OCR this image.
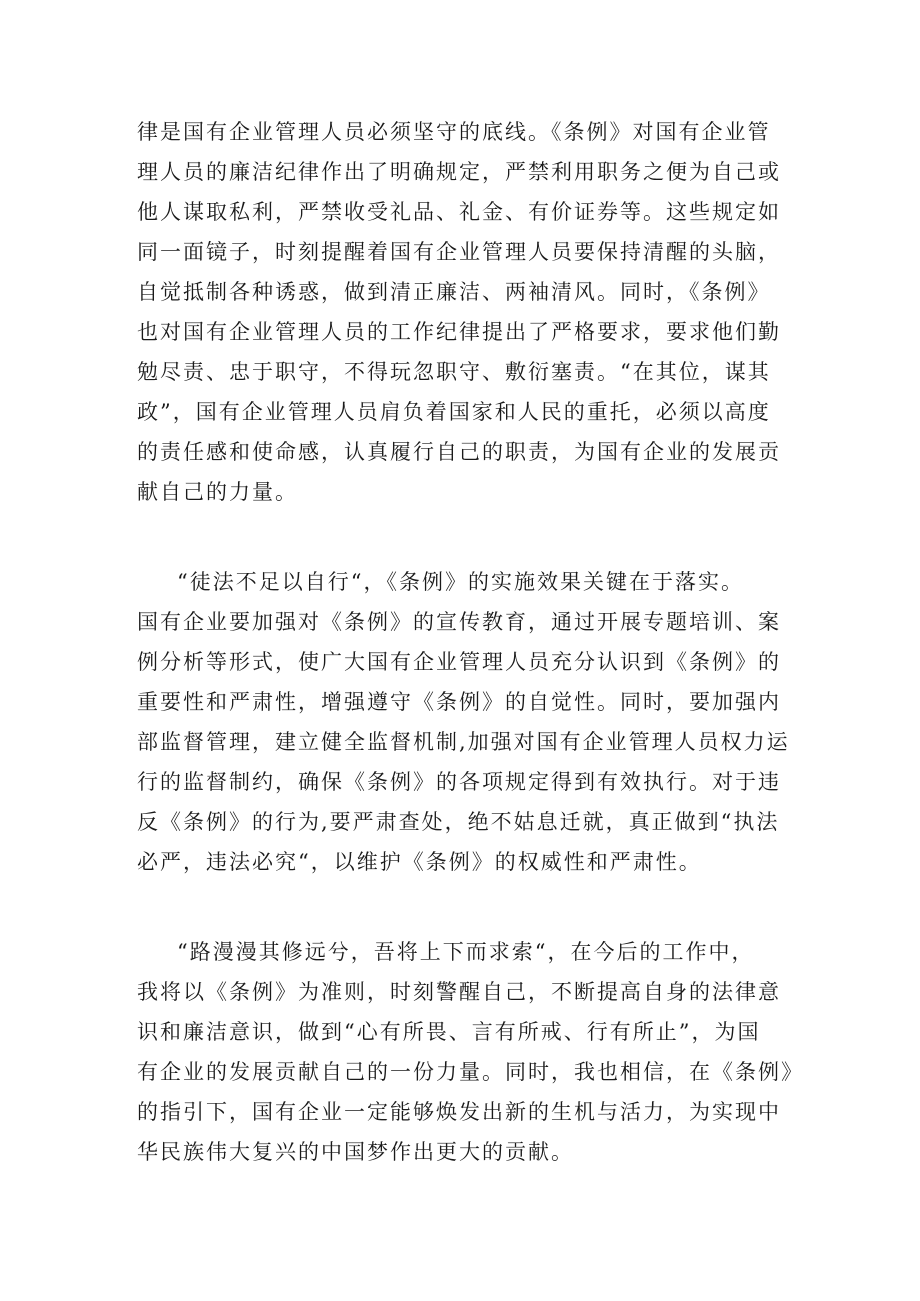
律是国有企业管理人员必须坚守的底线。《条例》对国有企业管
理人员的廉洁纪律作出了明确规定，严禁利用职务之便为自己或
他人谋取私利，严禁收受礼品、礼金、有价证券等。这些规定如
同一面镜子，时刻提醒着国有企业管理人员要保持清醒的头脑，
自觉抵制各种诱惑，做到清正廉洁、两袖清风。同时，《条例》
也对国有企业管理人员的工作纪律提出了严格要求，要求他们勤
勉尽责、忠于职守，不得玩忽职守、敷衍塞责。“在其位，谋其
政”，国有企业管理人员肩负着国家和人民的重托，必须以高度
的责任感和使命感，认真履行自己的职责，为国有企业的发展贡
献自己的力量。
“徒法不足以自行“，《条例》的实施效果关键在于落实。
国有企业要加强对《条例》的宣传教育，通过开展专题培训、案
例分析等形式，使广大国有企业管理人员充分认识到《条例》的
重要性和严肃性，增强遵守《条例》的自觉性。同时，要加强内
部监督管理，建立健全监督机制,加强对国有企业管理人员权力运
行的监督制约，确保《条例》的各项规定得到有效执行。对于违
反《条例》的行为,要严肃查处，绝不姑息迁就，真正做到“执法
必严，违法必究“，以维护《条例》的权威性和严肃性。
“路漫漫其修远兮，吾将上下而求索“，在今后的工作中，
我将以《条例》为准则，时刻警醒自己，不断提高自身的法律意
识和廉洁意识，做到“心有所畏、言有所戒、行有所止”，为国
有企业的发展贡献自己的一份力量。同时，我也相信，在《条例》
的指引下，国有企业一定能够焕发出新的生机与活力，为实现中
华民族伟大复兴的中国梦作出更大的贡献。
